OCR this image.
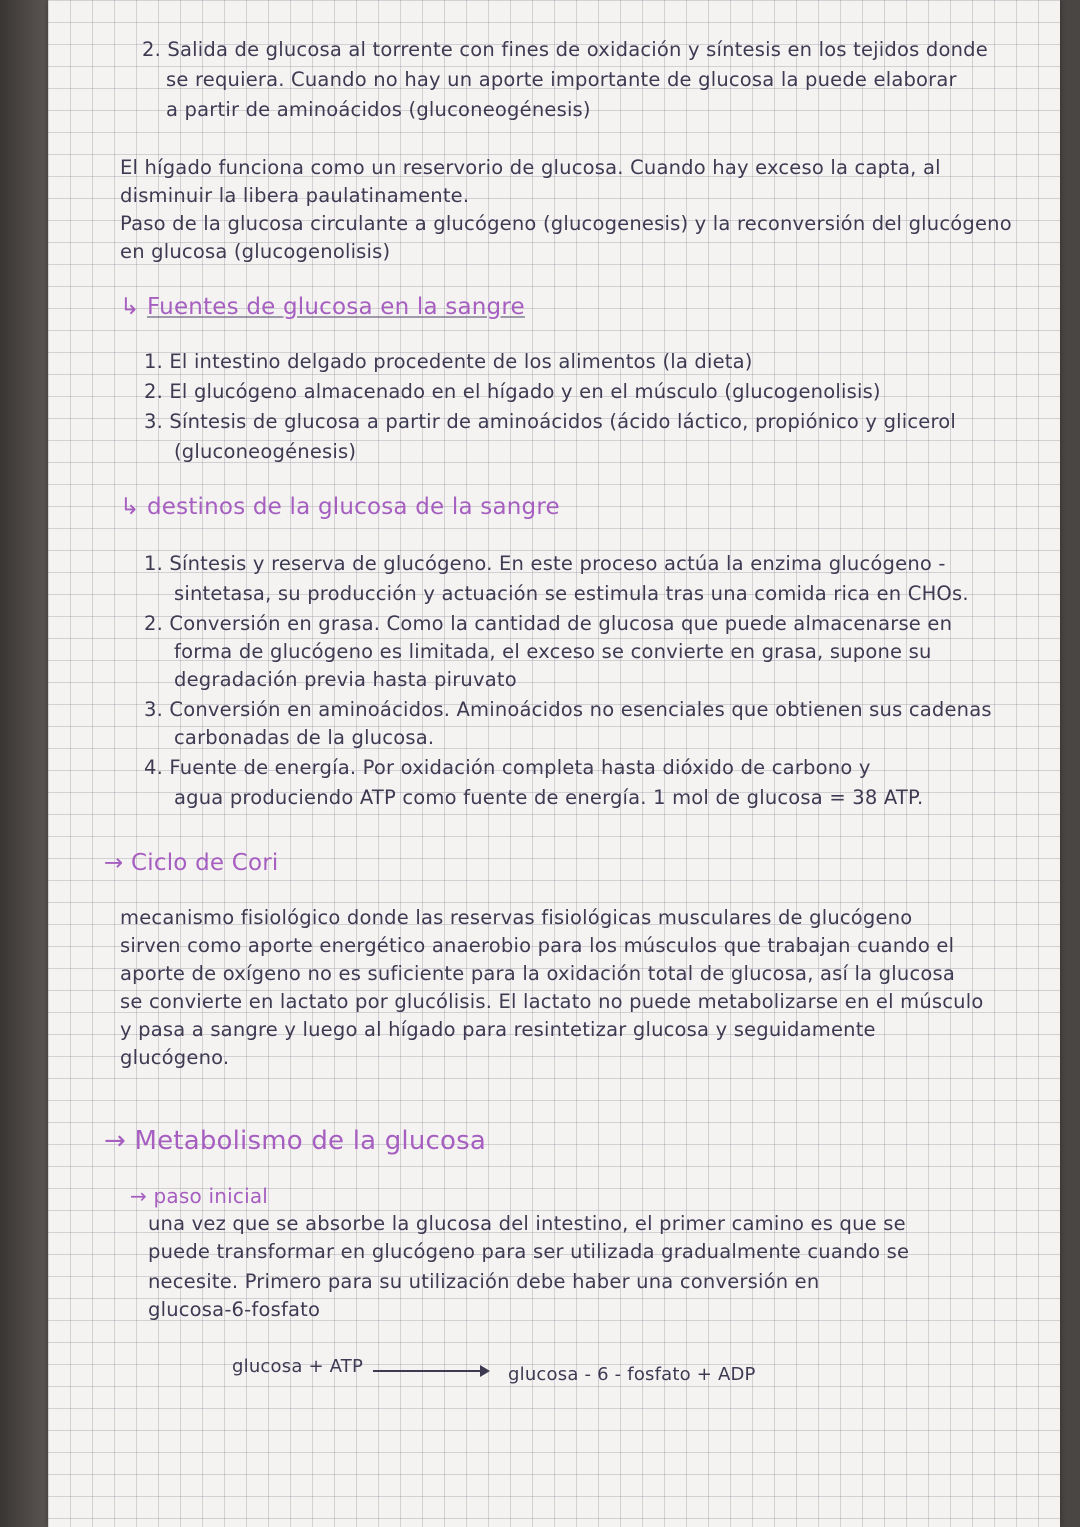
2. Salida de glucosa al torrente con fines de oxidación y síntesis en los tejidos donde
se requiera. Cuando no hay un aporte importante de glucosa la puede elaborar
a partir de aminoácidos (gluconeogénesis)
El hígado funciona como un reservorio de glucosa. Cuando hay exceso la capta, al
disminuir la libera paulatinamente.
Paso de la glucosa circulante a glucógeno (glucogenesis) y la reconversión del glucógeno
en glucosa (glucogenolisis)
↳ Fuentes de glucosa en la sangre
1. El intestino delgado procedente de los alimentos (la dieta)
2. El glucógeno almacenado en el hígado y en el músculo (glucogenolisis)
3. Síntesis de glucosa a partir de aminoácidos (ácido láctico, propiónico y glicerol
(gluconeogénesis)
↳ destinos de la glucosa de la sangre
1. Síntesis y reserva de glucógeno. En este proceso actúa la enzima glucógeno -
sintetasa, su producción y actuación se estimula tras una comida rica en CHOs.
2. Conversión en grasa. Como la cantidad de glucosa que puede almacenarse en
forma de glucógeno es limitada, el exceso se convierte en grasa, supone su
degradación previa hasta piruvato
3. Conversión en aminoácidos. Aminoácidos no esenciales que obtienen sus cadenas
carbonadas de la glucosa.
4. Fuente de energía. Por oxidación completa hasta dióxido de carbono y
agua produciendo ATP como fuente de energía. 1 mol de glucosa = 38 ATP.
→ Ciclo de Cori
mecanismo fisiológico donde las reservas fisiológicas musculares de glucógeno
sirven como aporte energético anaerobio para los músculos que trabajan cuando el
aporte de oxígeno no es suficiente para la oxidación total de glucosa, así la glucosa
se convierte en lactato por glucólisis. El lactato no puede metabolizarse en el músculo
y pasa a sangre y luego al hígado para resintetizar glucosa y seguidamente
glucógeno.
→ Metabolismo de la glucosa
→ paso inicial
una vez que se absorbe la glucosa del intestino, el primer camino es que se
puede transformar en glucógeno para ser utilizada gradualmente cuando se
necesite. Primero para su utilización debe haber una conversión en
glucosa-6-fosfato
glucosa + ATP	glucosa - 6 - fosfato + ADP
